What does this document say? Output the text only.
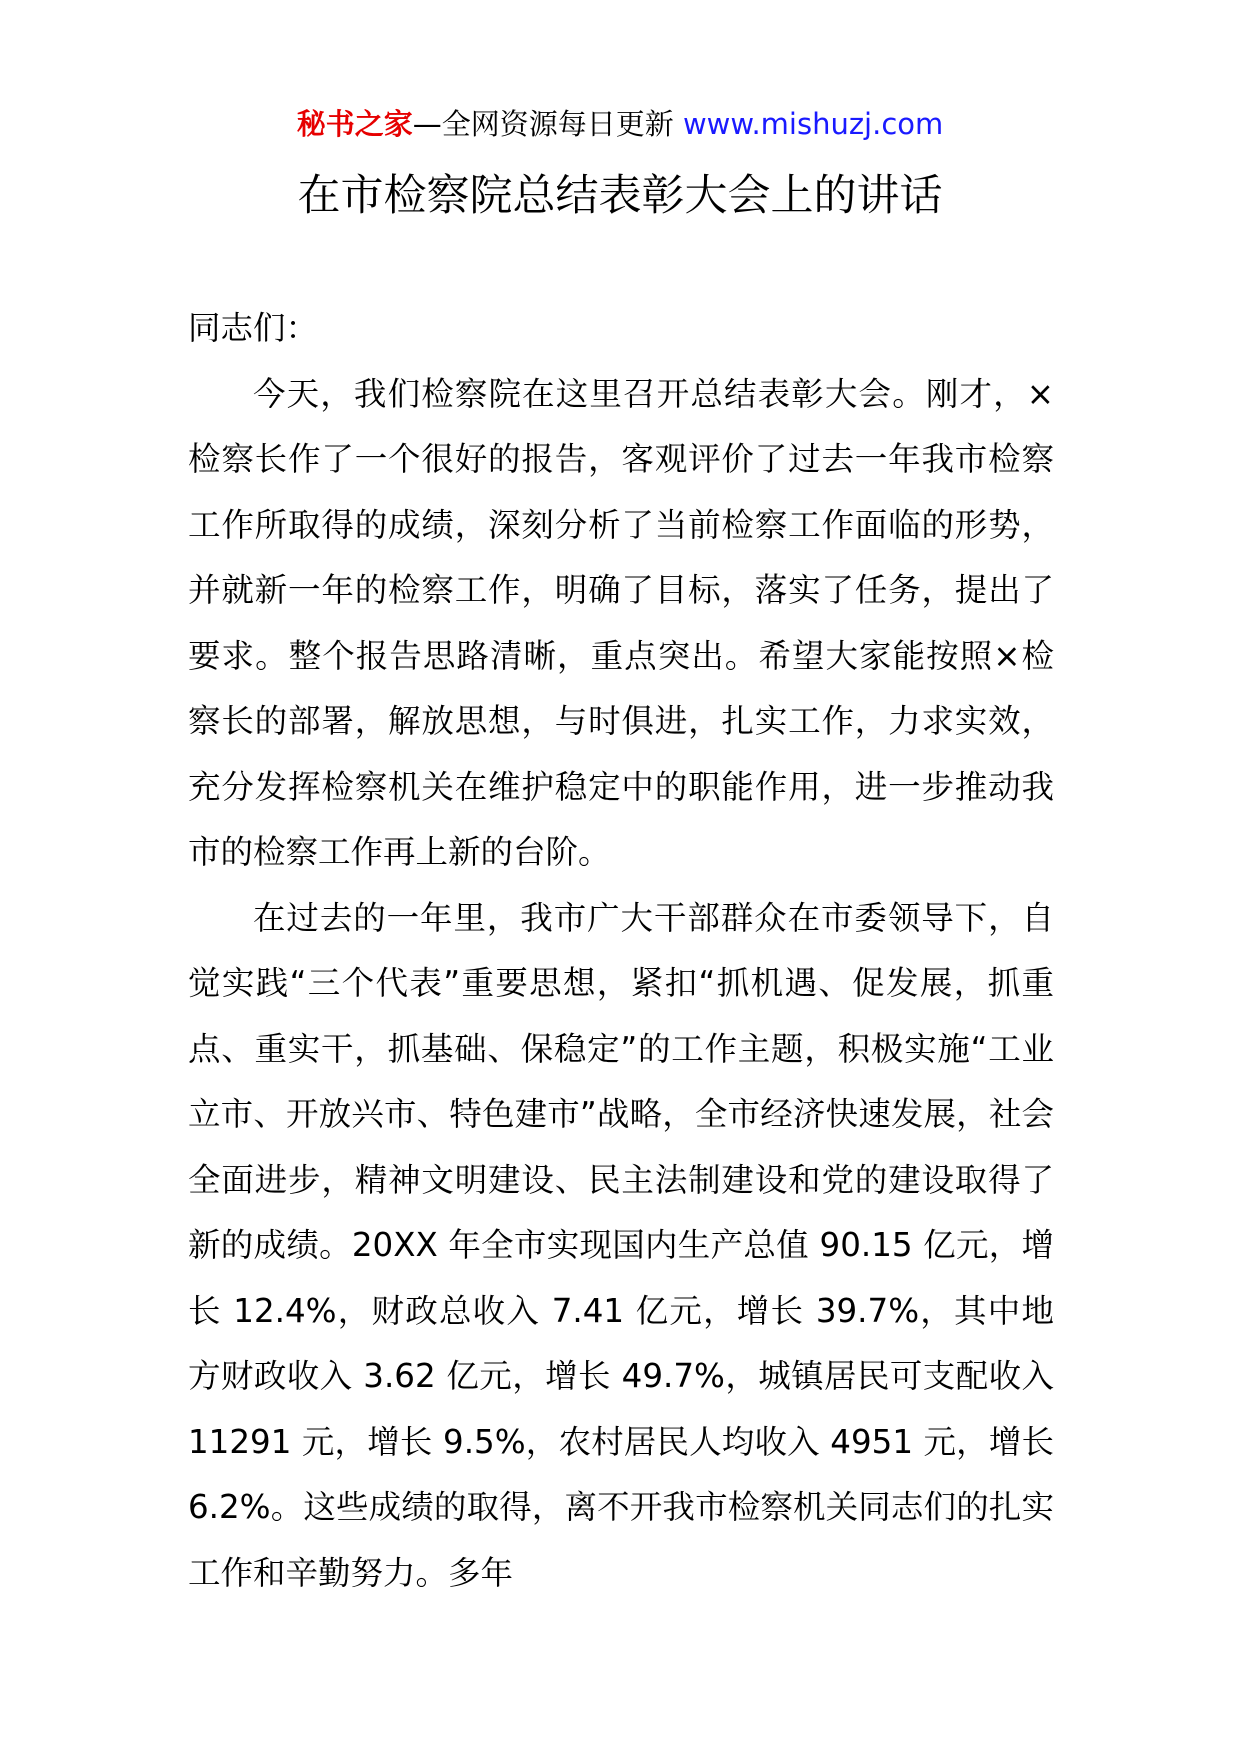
秘书之家—全网资源每日更新 www.mishuzj.com
在市检察院总结表彰大会上的讲话

同志们：

今天，我们检察院在这里召开总结表彰大会。刚才，×检察长作了一个很好的报告，客观评价了过去一年我市检察工作所取得的成绩，深刻分析了当前检察工作面临的形势，并就新一年的检察工作，明确了目标，落实了任务，提出了要求。整个报告思路清晰，重点突出。希望大家能按照×检察长的部署，解放思想，与时俱进，扎实工作，力求实效，充分发挥检察机关在维护稳定中的职能作用，进一步推动我市的检察工作再上新的台阶。

在过去的一年里，我市广大干部群众在市委领导下，自觉实践“三个代表”重要思想，紧扣“抓机遇、促发展，抓重点、重实干，抓基础、保稳定”的工作主题，积极实施“工业立市、开放兴市、特色建市”战略，全市经济快速发展，社会全面进步，精神文明建设、民主法制建设和党的建设取得了新的成绩。20XX 年全市实现国内生产总值 90.15 亿元，增长 12.4%，财政总收入 7.41 亿元，增长 39.7%，其中地方财政收入 3.62 亿元，增长 49.7%，城镇居民可支配收入 11291 元，增长 9.5%，农村居民人均收入 4951 元，增长 6.2%。这些成绩的取得，离不开我市检察机关同志们的扎实工作和辛勤努力。多年
